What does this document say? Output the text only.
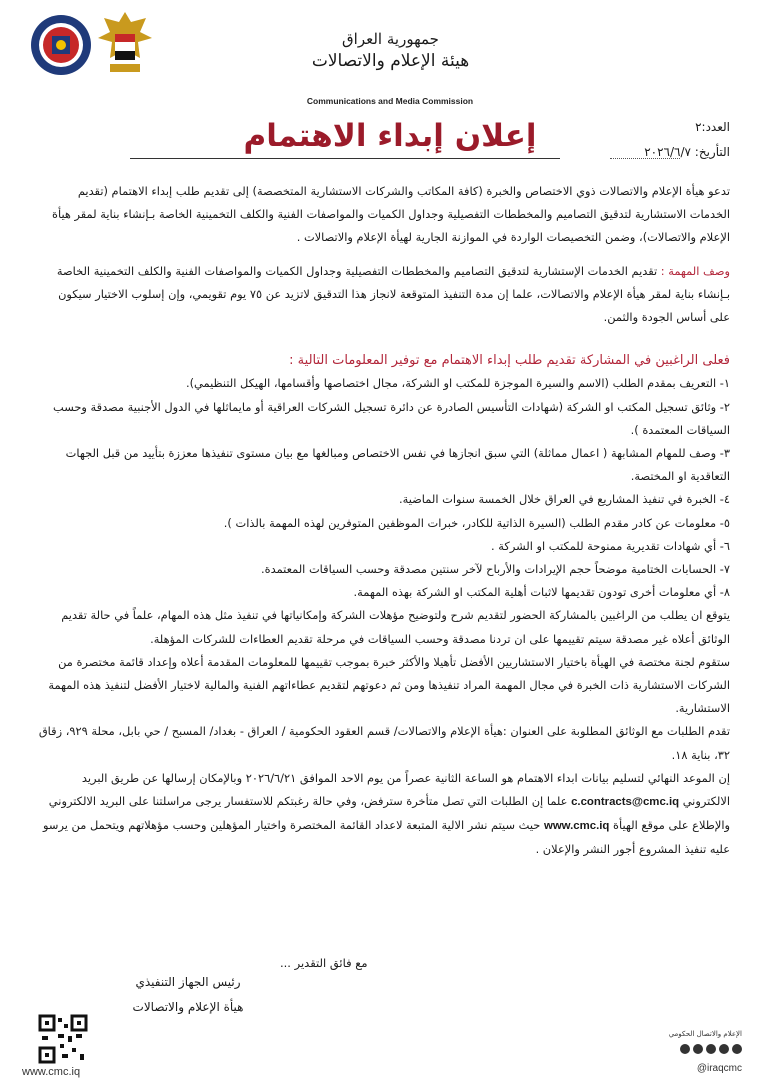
جمهورية العراق
هيئة الإعلام والاتصالات
Communications and Media Commission
العدد:٢
التأريخ: ٢٠٢٦/٦/٧
إعلان إبداء الاهتمام

تدعو هيأة الإعلام والاتصالات ذوي الاختصاص والخبرة (كافة المكاتب والشركات الاستشارية المتخصصة) إلى تقديم طلب إبداء الاهتمام (تقديم الخدمات الاستشارية لتدقيق التصاميم والمخططات التفصيلية وجداول الكميات والمواصفات الفنية والكلف التخمينية الخاصة بـإنشاء بناية لمقر هيأة الإعلام والاتصالات)، وضمن التخصيصات الواردة في الموازنة الجارية لهيأة الإعلام والاتصالات .

وصف المهمة : تقديم الخدمات الإستشارية لتدقيق التصاميم والمخططات التفصيلية وجداول الكميات والمواصفات الفنية والكلف التخمينية الخاصة بـإنشاء بناية لمقر هيأة الإعلام والاتصالات، علما إن مدة التنفيذ المتوقعة لانجاز هذا التدقيق لاتزيد عن ٧٥ يوم تقويمي، وإن إسلوب الاختيار سيكون على أساس الجودة والثمن.

فعلى الراغبين في المشاركة تقديم طلب إبداء الاهتمام مع توفير المعلومات التالية :

١- التعريف بمقدم الطلب (الاسم والسيرة الموجزة للمكتب او الشركة، مجال اختصاصها وأقسامها، الهيكل التنظيمي).

٢- وثائق تسجيل المكتب او الشركة (شهادات التأسيس الصادرة عن دائرة تسجيل الشركات العراقية أو مايماثلها في الدول الأجنبية مصدقة وحسب السياقات المعتمدة ).

٣- وصف للمهام المشابهة ( اعمال مماثلة) التي سبق انجازها في نفس الاختصاص ومبالغها مع بيان مستوى تنفيذها معززة بتأييد من قبل الجهات التعاقدية او المختصة.

٤- الخبرة في تنفيذ المشاريع في العراق خلال الخمسة سنوات الماضية.

٥- معلومات عن كادر مقدم الطلب (السيرة الذاتية للكادر، خبرات الموظفين المتوفرين لهذه المهمة بالذات ).

٦- أي شهادات تقديرية ممنوحة للمكتب او الشركة .

٧- الحسابات الختامية موضحاً حجم الإيرادات والأرباح لآخر سنتين مصدقة وحسب السياقات المعتمدة.

٨- أي معلومات أخرى تودون تقديمها لاثبات أهلية المكتب او الشركة بهذه المهمة.

يتوقع ان يطلب من الراغبين بالمشاركة الحضور لتقديم شرح ولتوضيح مؤهلات الشركة وإمكانياتها في تنفيذ مثل هذه المهام، علماً في حالة تقديم الوثائق أعلاه غير مصدقة سيتم تقييمها على ان تردنا مصدقة وحسب السياقات في مرحلة تقديم العطاءات للشركات المؤهلة.

ستقوم لجنة مختصة في الهيأة باختيار الاستشاريين الأفضل تأهيلا والأكثر خبرة بموجب تقييمها للمعلومات المقدمة أعلاه وإعداد قائمة مختصرة من الشركات الاستشارية ذات الخبرة في مجال المهمة المراد تنفيذها ومن ثم دعوتهم لتقديم عطاءاتهم الفنية والمالية لاختيار الأفضل لتنفيذ هذه المهمة الاستشارية.

تقدم الطلبات مع الوثائق المطلوبة على العنوان :هيأة الإعلام والاتصالات/ قسم العقود الحكومية / العراق - بغداد/ المسبح / حي بابل، محلة ٩٢٩، زقاق ٣٢، بناية ١٨.

إن الموعد النهائي لتسليم بيانات ابداء الاهتمام هو الساعة الثانية عصراً من يوم الاحد الموافق ٢٠٢٦/٦/٢١ وبالإمكان إرسالها عن طريق البريد الالكتروني c.contracts@cmc.iq علما إن الطلبات التي تصل متأخرة سترفض، وفي حالة رغبتكم للاستفسار يرجى مراسلتنا على البريد الالكتروني والإطلاع على موقع الهيأة www.cmc.iq حيث سيتم نشر الالية المتبعة لاعداد القائمة المختصرة واختيار المؤهلين وحسب مؤهلاتهم ويتحمل من يرسو عليه تنفيذ المشروع أجور النشر والإعلان .

مع فائق التقدير ...
رئيس الجهاز التنفيذي
هيأة الإعلام والاتصالات
www.cmc.iq
الإعلام والاتصال الحكومي
@iraqcmc
